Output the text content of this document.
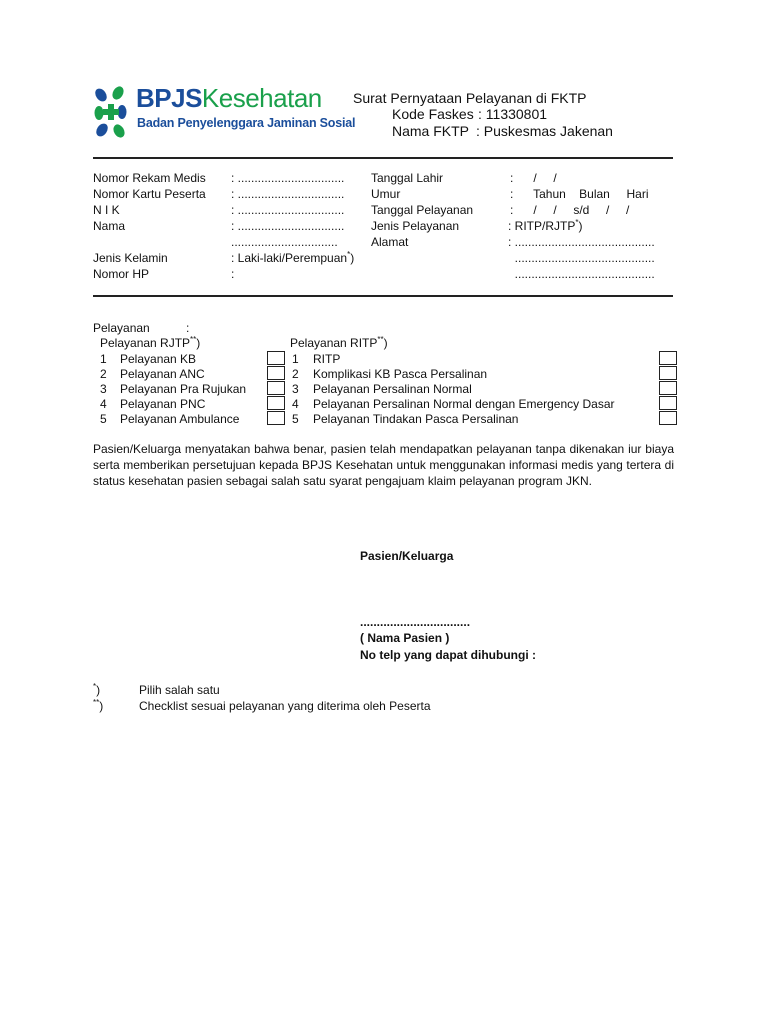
BPJSKesehatan
Badan Penyelenggara Jaminan Sosial
Surat Pernyataan Pelayanan di FKTP
Kode Faskes : 11330801
Nama FKTP : Puskesmas Jakenan
Nomor Rekam Medis : ................................
Nomor Kartu Peserta : ................................
N I K	: ................................
Nama	: ................................
................................
Jenis Kelamin	: Laki-laki/Perempuan*)
Nomor HP	:
Tanggal Lahir	:      /     /
Umur	:      Tahun    Bulan     Hari
Tanggal Pelayanan	:      /     /     s/d     /     /
Jenis Pelayanan	: RITP/RJTP*)
Alamat	: ..........................................
..........................................
..........................................
Pelayanan	:
Pelayanan RJTP**)	Pelayanan RITP**)
1 Pelayanan KB
2 Pelayanan ANC
3 Pelayanan Pra Rujukan
4 Pelayanan PNC
5 Pelayanan Ambulance
1 RITP
2 Komplikasi KB Pasca Persalinan
3 Pelayanan Persalinan Normal
4 Pelayanan Persalinan Normal dengan Emergency Dasar
5 Pelayanan Tindakan Pasca Persalinan
Pasien/Keluarga menyatakan bahwa benar, pasien telah mendapatkan pelayanan tanpa dikenakan iur biaya serta memberikan persetujuan kepada BPJS Kesehatan untuk menggunakan informasi medis yang tertera di status kesehatan pasien sebagai salah satu syarat pengajuam klaim pelayanan program JKN.
Pasien/Keluarga
.................................
( Nama Pasien )
No telp yang dapat dihubungi :
*)	Pilih salah satu
**)	Checklist sesuai pelayanan yang diterima oleh Peserta
